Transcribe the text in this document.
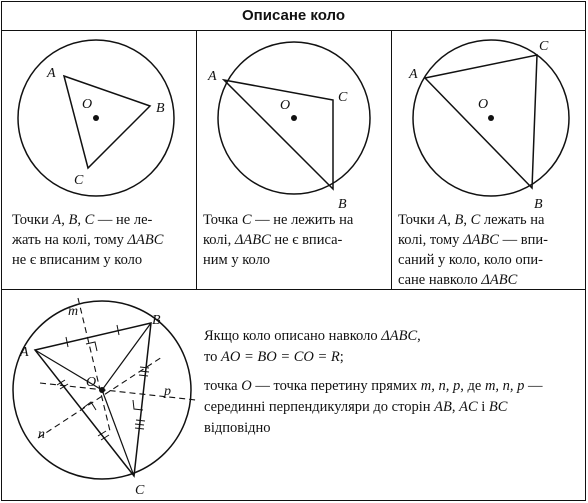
Описане коло
A
B
C
O
A
C
B
O
A
C
B
O
Точки A, B, C — не ле-
жать на колі, тому ΔABC
не є вписаним у коло
Точка C — не лежить на
колі, ΔABC не є вписа-
ним у коло
Точки A, B, C лежать на
колі, тому ΔABC — впи-
саний у коло, коло опи-
сане навколо ΔABC
A
B
C
O
m
n
p
Якщо коло описано навколо ΔABC,
то AO = BO = CO = R;
точка O — точка перетину прямих m, n, p, де m, n, p —
серединні перпендикуляри до сторін AB, AC і BC
відповідно
